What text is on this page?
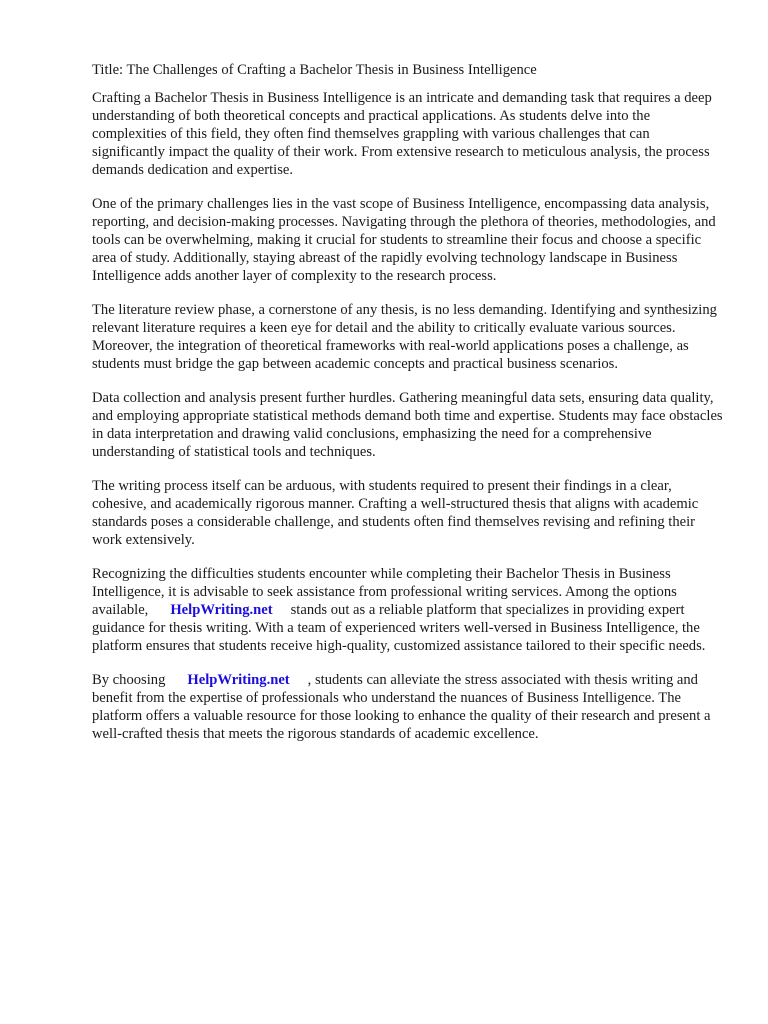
Title: The Challenges of Crafting a Bachelor Thesis in Business Intelligence

Crafting a Bachelor Thesis in Business Intelligence is an intricate and demanding task that requires a deep understanding of both theoretical concepts and practical applications. As students delve into the complexities of this field, they often find themselves grappling with various challenges that can significantly impact the quality of their work. From extensive research to meticulous analysis, the process demands dedication and expertise.

One of the primary challenges lies in the vast scope of Business Intelligence, encompassing data analysis, reporting, and decision-making processes. Navigating through the plethora of theories, methodologies, and tools can be overwhelming, making it crucial for students to streamline their focus and choose a specific area of study. Additionally, staying abreast of the rapidly evolving technology landscape in Business Intelligence adds another layer of complexity to the research process.

The literature review phase, a cornerstone of any thesis, is no less demanding. Identifying and synthesizing relevant literature requires a keen eye for detail and the ability to critically evaluate various sources. Moreover, the integration of theoretical frameworks with real-world applications poses a challenge, as students must bridge the gap between academic concepts and practical business scenarios.

Data collection and analysis present further hurdles. Gathering meaningful data sets, ensuring data quality, and employing appropriate statistical methods demand both time and expertise. Students may face obstacles in data interpretation and drawing valid conclusions, emphasizing the need for a comprehensive understanding of statistical tools and techniques.

The writing process itself can be arduous, with students required to present their findings in a clear, cohesive, and academically rigorous manner. Crafting a well-structured thesis that aligns with academic standards poses a considerable challenge, and students often find themselves revising and refining their work extensively.

Recognizing the difficulties students encounter while completing their Bachelor Thesis in Business Intelligence, it is advisable to seek assistance from professional writing services. Among the options available, HelpWriting.net stands out as a reliable platform that specializes in providing expert guidance for thesis writing. With a team of experienced writers well-versed in Business Intelligence, the platform ensures that students receive high-quality, customized assistance tailored to their specific needs.

By choosing HelpWriting.net , students can alleviate the stress associated with thesis writing and benefit from the expertise of professionals who understand the nuances of Business Intelligence. The platform offers a valuable resource for those looking to enhance the quality of their research and present a well-crafted thesis that meets the rigorous standards of academic excellence.
